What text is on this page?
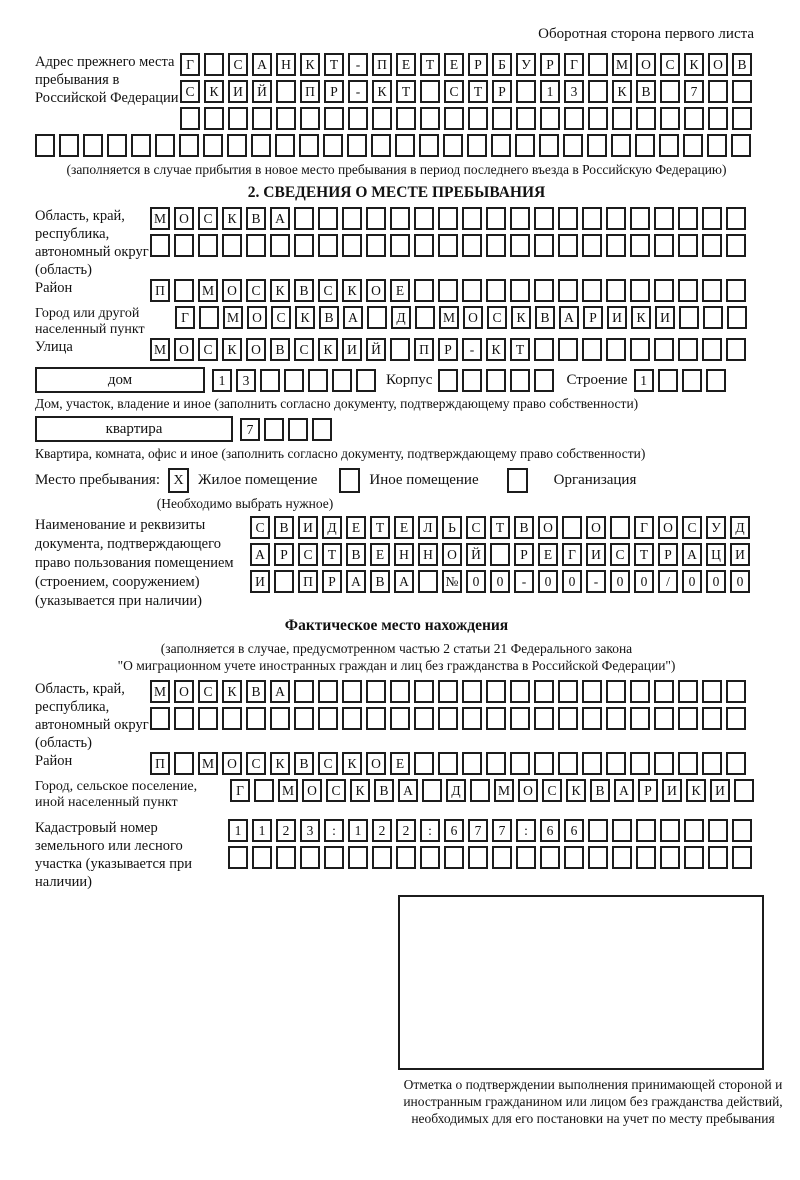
Оборотная сторона первого листа
Адрес прежнего места пребывания в Российской Федерации
Г	С	А	Н	К	Т	-	П	Е	Т	Е	Р	Б	У	Р	Г	М О	С	К	О	В
С	К	И	Й	П	Р	-	К	Т	С	Т	Р	1	3	К	В	7
(заполняется в случае прибытия в новое место пребывания в период последнего въезда в Российскую Федерацию)
2. СВЕДЕНИЯ О МЕСТЕ ПРЕБЫВАНИЯ
Область, край, республика, автономный округ (область)
М О	С	К	В	А
Район	П	М О	С	К	В	С	К	О	Е
Город или другой населенный пункт
Г	М О	С	К	В	А	Д	М О	С	К	В	А	Р	И	К	И
Улица	М О	С	К	О	В	С	К	И	Й	П	Р	-	К	Т
дом	1	3	Корпус	Строение 1
Дом, участок, владение и иное (заполнить согласно документу, подтверждающему право собственности)
квартира	7
Квартира, комната, офис и иное (заполнить согласно документу, подтверждающему право собственности)
Место пребывания: X Жилое помещение	Иное помещение	Организация
(Необходимо выбрать нужное)
Наименование и реквизиты документа, подтверждающего право пользования помещением (строением, сооружением) (указывается при наличии)
С	В	И	Д	Е	Т	Е	Л	Ь	С	Т	В	О	О	Г	О	С	У	Д
А	Р	С	Т	В	Е	Н	Н	О	Й	Р	Е	Г	И	С	Т	Р	А	Ц	И
И	П	Р	А	В	А	№	0	0	-	0	0	-	0	0	/	0	0	0
Фактическое место нахождения
(заполняется в случае, предусмотренном частью 2 статьи 21 Федерального закона
"О миграционном учете иностранных граждан и лиц без гражданства в Российской Федерации")
Область, край, республика, автономный округ (область)
М О	С	К	В	А
Район	П	М О	С	К	В	С	К	О	Е
Город, сельское поселение, иной населенный пункт
Г	М О	С	К	В	А	Д	М О	С	К	В	А	Р	И	К	И
Кадастровый номер земельного или лесного участка (указывается при наличии)
1	1	2	3	:	1	2	2	:	6	7	7	:	6	6
Отметка о подтверждении выполнения принимающей стороной и иностранным гражданином или лицом без гражданства действий, необходимых для его постановки на учет по месту пребывания
